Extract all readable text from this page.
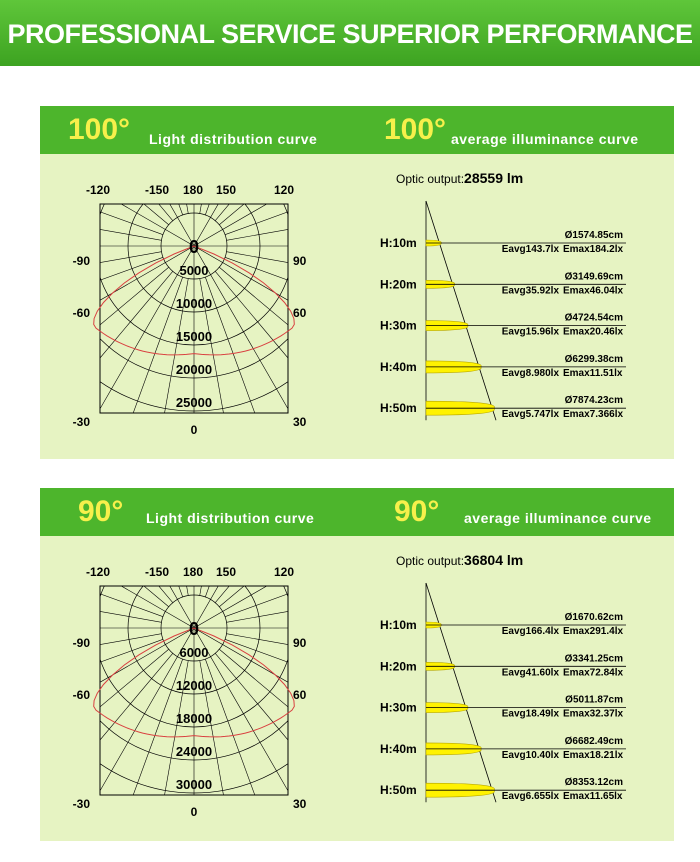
PROFESSIONAL SERVICE SUPERIOR PERFORMANCE
100° Light distribution curve
0
5000
10000
15000
20000
25000
-120	-150 180 150	120
-90
-60
-30
90
60
30
0
100° average illuminance curve
Optic output:28559 lm
H:10m
Ø1574.85cm
Eavg143.7lx Emax184.2lx
H:20m
Ø3149.69cm
Eavg35.92lx Emax46.04lx
H:30m
Ø4724.54cm
Eavg15.96lx Emax20.46lx
H:40m
Ø6299.38cm
Eavg8.980lx Emax11.51lx
H:50m
Ø7874.23cm
Eavg5.747lx Emax7.366lx
90° Light distribution curve
0
6000
12000
18000
24000
30000
-120	-150 180 150	120
-90
-60
-30
90
60
30
0
90° average illuminance curve
Optic output:36804 lm
H:10m
Ø1670.62cm
Eavg166.4lx Emax291.4lx
H:20m
Ø3341.25cm
Eavg41.60lx Emax72.84lx
H:30m
Ø5011.87cm
Eavg18.49lx Emax32.37lx
H:40m
Ø6682.49cm
Eavg10.40lx Emax18.21lx
H:50m
Ø8353.12cm
Eavg6.655lx Emax11.65lx
